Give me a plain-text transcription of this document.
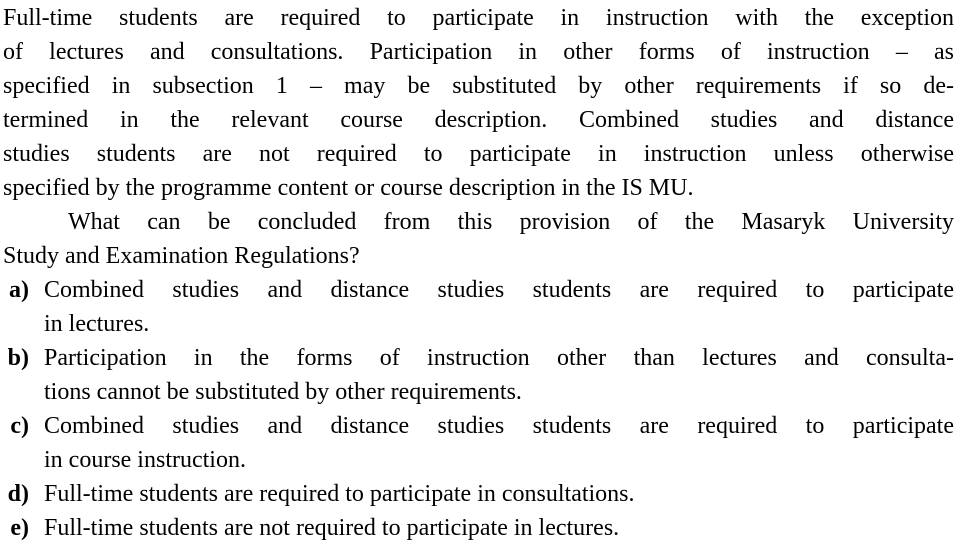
Full-time students are required to participate in instruction with the exception
of lectures and consultations. Participation in other forms of instruction – as
specified in subsection 1 – may be substituted by other requirements if so de-
termined in the relevant course description. Combined studies and distance
studies students are not required to participate in instruction unless otherwise
specified by the programme content or course description in the IS MU.
What can be concluded from this provision of the Masaryk University
Study and Examination Regulations?
a) Combined studies and distance studies students are required to participate
in lectures.
b) Participation in the forms of instruction other than lectures and consulta-
tions cannot be substituted by other requirements.
c) Combined studies and distance studies students are required to participate
in course instruction.
d) Full-time students are required to participate in consultations.
e) Full-time students are not required to participate in lectures.
